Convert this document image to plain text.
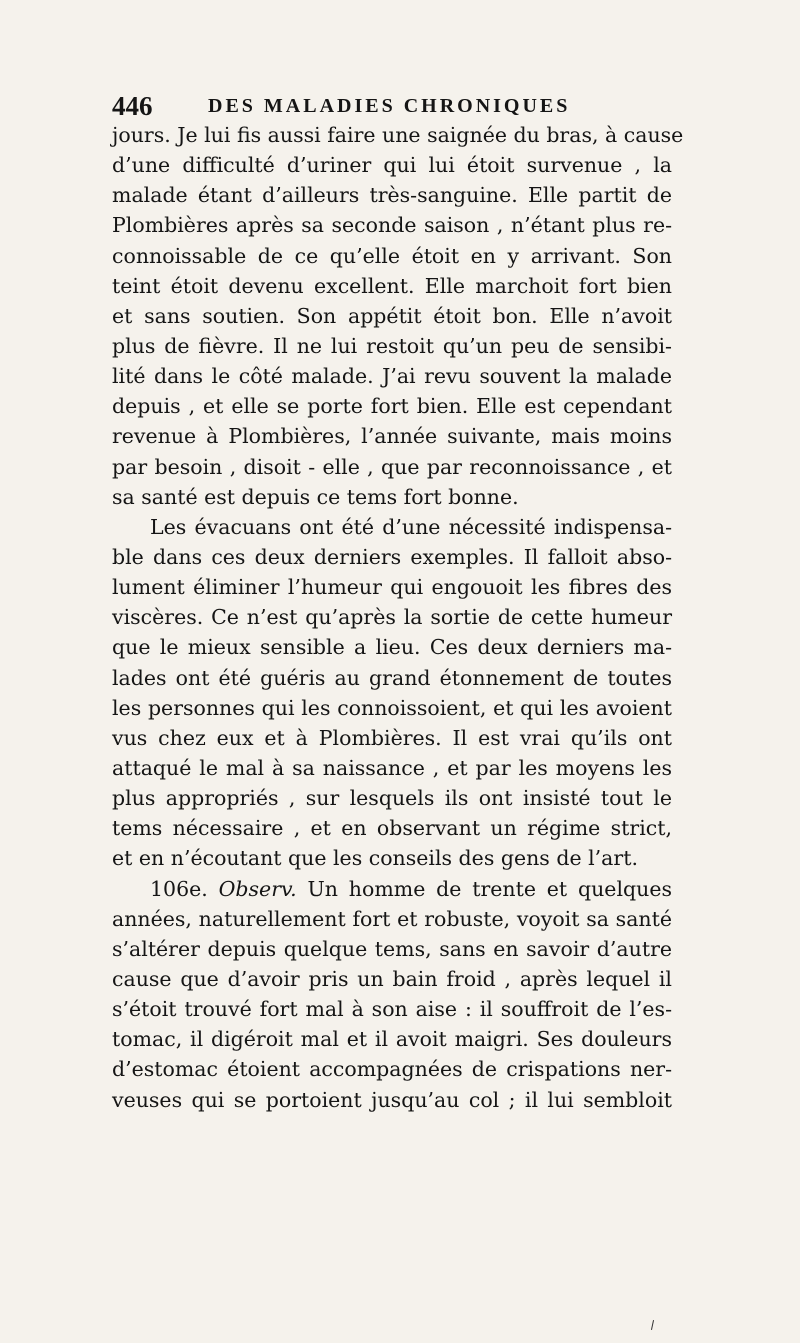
446	DES MALADIES CHRONIQUES
jours. Je lui fis aussi faire une saignée du bras, à cause
d’une difficulté d’uriner qui lui étoit survenue , la
malade étant d’ailleurs très-sanguine. Elle partit de
Plombières après sa seconde saison , n’étant plus re-
connoissable de ce qu’elle étoit en y arrivant. Son
teint étoit devenu excellent. Elle marchoit fort bien
et sans soutien. Son appétit étoit bon. Elle n’avoit
plus de fièvre. Il ne lui restoit qu’un peu de sensibi-
lité dans le côté malade. J’ai revu souvent la malade
depuis , et elle se porte fort bien. Elle est cependant
revenue à Plombières, l’année suivante, mais moins
par besoin , disoit - elle , que par reconnoissance , et
sa santé est depuis ce tems fort bonne.
Les évacuans ont été d’une nécessité indispensa-
ble dans ces deux derniers exemples. Il falloit abso-
lument éliminer l’humeur qui engouoit les fibres des
viscères. Ce n’est qu’après la sortie de cette humeur
que le mieux sensible a lieu. Ces deux derniers ma-
lades ont été guéris au grand étonnement de toutes
les personnes qui les connoissoient, et qui les avoient
vus chez eux et à Plombières. Il est vrai qu’ils ont
attaqué le mal à sa naissance , et par les moyens les
plus appropriés , sur lesquels ils ont insisté tout le
tems nécessaire , et en observant un régime strict,
et en n’écoutant que les conseils des gens de l’art.
106e. Observ. Un homme de trente et quelques
années, naturellement fort et robuste, voyoit sa santé
s’altérer depuis quelque tems, sans en savoir d’autre
cause que d’avoir pris un bain froid , après lequel il
s’étoit trouvé fort mal à son aise : il souffroit de l’es-
tomac, il digéroit mal et il avoit maigri. Ses douleurs
d’estomac étoient accompagnées de crispations ner-
veuses qui se portoient jusqu’au col ; il lui sembloit
